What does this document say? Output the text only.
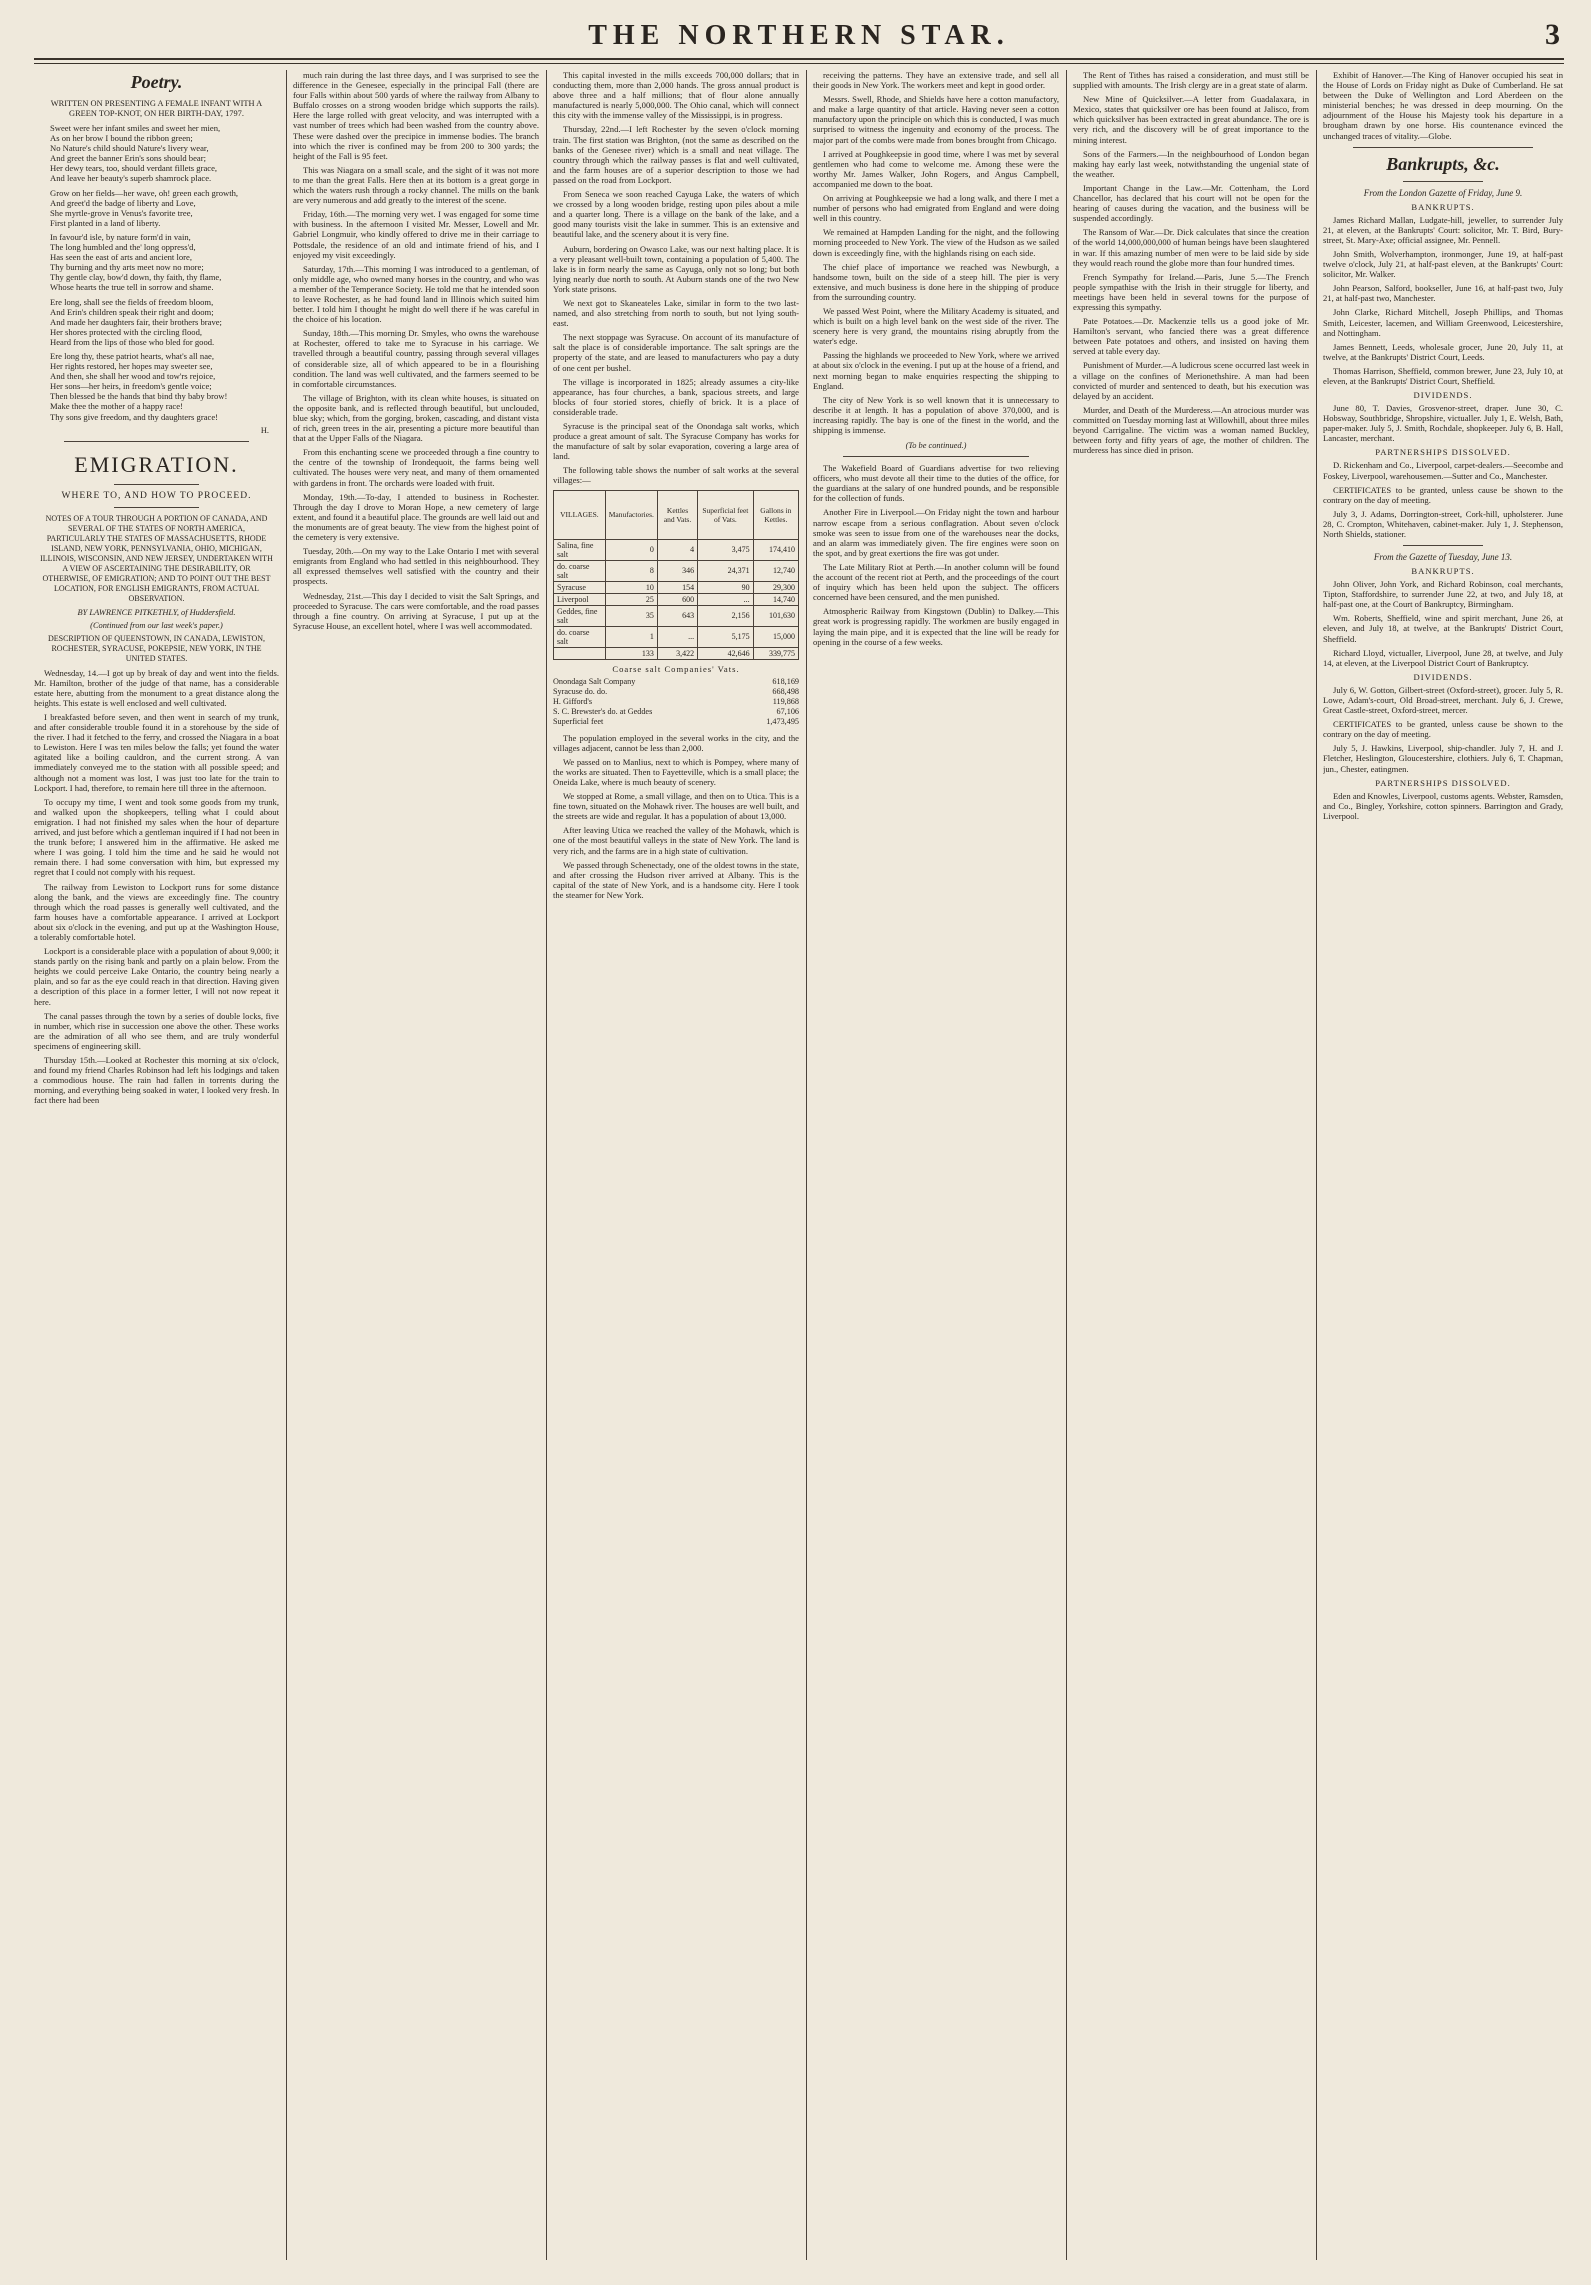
THE NORTHERN STAR.	3
Poetry.
WRITTEN ON PRESENTING A FEMALE INFANT WITH A GREEN TOP-KNOT, ON HER BIRTH-DAY, 1797.

Sweet were her infant smiles and sweet her mien,

As on her brow I bound the ribbon green;

No Nature's child should Nature's livery wear,

And greet the banner Erin's sons should bear;

Her dewy tears, too, should verdant fillets grace,

And leave her beauty's superb shamrock place.

Grow on her fields—her wave, oh! green each growth,

And greet'd the badge of liberty and Love,

She myrtle-grove in Venus's favorite tree,

First planted in a land of liberty.

In favour'd isle, by nature form'd in vain,

The long humbled and the' long oppress'd,

Has seen the east of arts and ancient lore,

Thy burning and thy arts meet now no more;

Thy gentle clay, bow'd down, thy faith, thy flame,

Whose hearts the true tell in sorrow and shame.

Ere long, shall see the fields of freedom bloom,

And Erin's children speak their right and doom;

And made her daughters fair, their brothers brave;

Her shores protected with the circling flood,

Heard from the lips of those who bled for good.

Ere long thy, these patriot hearts, what's all nae,

Her rights restored, her hopes may sweeter see,

And then, she shall her wood and tow'rs rejoice,

Her sons—her heirs, in freedom's gentle voice;

Then blessed be the hands that bind thy baby brow!

Make thee the mother of a happy race!

Thy sons give freedom, and thy daughters grace!

H.
EMIGRATION.
WHERE TO, AND HOW TO PROCEED.
NOTES OF A TOUR THROUGH A PORTION OF CANADA, AND SEVERAL OF THE STATES OF NORTH AMERICA, PARTICULARLY THE STATES OF MASSACHUSETTS, RHODE ISLAND, NEW YORK, PENNSYLVANIA, OHIO, MICHIGAN, ILLINOIS, WISCONSIN, AND NEW JERSEY, UNDERTAKEN WITH A VIEW OF ASCERTAINING THE DESIRABILITY, OR OTHERWISE, OF EMIGRATION; AND TO POINT OUT THE BEST LOCATION, FOR ENGLISH EMIGRANTS, FROM ACTUAL OBSERVATION.
BY LAWRENCE PITKETHLY, of Huddersfield.
(Continued from our last week's paper.)
DESCRIPTION OF QUEENSTOWN, IN CANADA, LEWISTON, ROCHESTER, SYRACUSE, POKEPSIE, NEW YORK, IN THE UNITED STATES.

Wednesday, 14.—I got up by break of day and went into the fields. Mr. Hamilton, brother of the judge of that name, has a considerable estate here, abutting from the monument to a great distance along the heights. This estate is well enclosed and well cultivated.

I breakfasted before seven, and then went in search of my trunk, and after considerable trouble found it in a storehouse by the side of the river. I had it fetched to the ferry, and crossed the Niagara in a boat to Lewiston. Here I was ten miles below the falls; yet found the water agitated like a boiling cauldron, and the current strong. A van immediately conveyed me to the station with all possible speed; and although not a moment was lost, I was just too late for the train to Lockport. I had, therefore, to remain here till three in the afternoon.

To occupy my time, I went and took some goods from my trunk, and walked upon the shopkeepers, telling what I could about emigration. I had not finished my sales when the hour of departure arrived, and just before which a gentleman inquired if I had not been in the trunk before; I answered him in the affirmative. He asked me where I was going. I told him the time and he said he would not remain there. I had some conversation with him, but expressed my regret that I could not comply with his request.

The railway from Lewiston to Lockport runs for some distance along the bank, and the views are exceedingly fine. The country through which the road passes is generally well cultivated, and the farm houses have a comfortable appearance. I arrived at Lockport about six o'clock in the evening, and put up at the Washington House, a tolerably comfortable hotel.

Lockport is a considerable place with a population of about 9,000; it stands partly on the rising bank and partly on a plain below. From the heights we could perceive Lake Ontario, the country being nearly a plain, and so far as the eye could reach in that direction. Having given a description of this place in a former letter, I will not now repeat it here.

The canal passes through the town by a series of double locks, five in number, which rise in succession one above the other. These works are the admiration of all who see them, and are truly wonderful specimens of engineering skill.

Thursday 15th.—Looked at Rochester this morning at six o'clock, and found my friend Charles Robinson had left his lodgings and taken a commodious house. The rain had fallen in torrents during the morning, and everything being soaked in water, I looked very fresh. In fact there had been

much rain during the last three days, and I was surprised to see the difference in the Genesee, especially in the principal Fall (there are four Falls within about 500 yards of where the railway from Albany to Buffalo crosses on a strong wooden bridge which supports the rails). Here the large rolled with great velocity, and was interrupted with a vast number of trees which had been washed from the country above. These were dashed over the precipice in immense bodies. The branch into which the river is confined may be from 200 to 300 yards; the height of the Fall is 95 feet.

This was Niagara on a small scale, and the sight of it was not more to me than the great Falls. Here then at its bottom is a great gorge in which the waters rush through a rocky channel. The mills on the bank are very numerous and add greatly to the interest of the scene.

Friday, 16th.—The morning very wet. I was engaged for some time with business. In the afternoon I visited Mr. Messer, Lowell and Mr. Gabriel Longmuir, who kindly offered to drive me in their carriage to Pottsdale, the residence of an old and intimate friend of his, and I enjoyed my visit exceedingly.

Saturday, 17th.—This morning I was introduced to a gentleman, of only middle age, who owned many horses in the country, and who was a member of the Temperance Society. He told me that he intended soon to leave Rochester, as he had found land in Illinois which suited him better. I told him I thought he might do well there if he was careful in the choice of his location.

Sunday, 18th.—This morning Dr. Smyles, who owns the warehouse at Rochester, offered to take me to Syracuse in his carriage. We travelled through a beautiful country, passing through several villages of considerable size, all of which appeared to be in a flourishing condition. The land was well cultivated, and the farmers seemed to be in comfortable circumstances.

The village of Brighton, with its clean white houses, is situated on the opposite bank, and is reflected through beautiful, but unclouded, blue sky; which, from the gorging, broken, cascading, and distant vista of rich, green trees in the air, presenting a picture more beautiful than that at the Upper Falls of the Niagara.

From this enchanting scene we proceeded through a fine country to the centre of the township of Irondequoit, the farms being well cultivated. The houses were very neat, and many of them ornamented with gardens in front. The orchards were loaded with fruit.

Monday, 19th.—To-day, I attended to business in Rochester. Through the day I drove to Moran Hope, a new cemetery of large extent, and found it a beautiful place. The grounds are well laid out and the monuments are of great beauty. The view from the highest point of the cemetery is very extensive.

Tuesday, 20th.—On my way to the Lake Ontario I met with several emigrants from England who had settled in this neighbourhood. They all expressed themselves well satisfied with the country and their prospects.

Wednesday, 21st.—This day I decided to visit the Salt Springs, and proceeded to Syracuse. The cars were comfortable, and the road passes through a fine country. On arriving at Syracuse, I put up at the Syracuse House, an excellent hotel, where I was well accommodated.

This capital invested in the mills exceeds 700,000 dollars; that in conducting them, more than 2,000 hands. The gross annual product is above three and a half millions; that of flour alone annually manufactured is nearly 5,000,000. The Ohio canal, which will connect this city with the immense valley of the Mississippi, is in progress.

Thursday, 22nd.—I left Rochester by the seven o'clock morning train. The first station was Brighton, (not the same as described on the banks of the Genesee river) which is a small and neat village. The country through which the railway passes is flat and well cultivated, and the farm houses are of a superior description to those we had passed on the road from Lockport.

From Seneca we soon reached Cayuga Lake, the waters of which we crossed by a long wooden bridge, resting upon piles about a mile and a quarter long. There is a village on the bank of the lake, and a good many tourists visit the lake in summer. This is an extensive and beautiful lake, and the scenery about it is very fine.

Auburn, bordering on Owasco Lake, was our next halting place. It is a very pleasant well-built town, containing a population of 5,400. The lake is in form nearly the same as Cayuga, only not so long; but both lying nearly due north to south. At Auburn stands one of the two New York state prisons.

We next got to Skaneateles Lake, similar in form to the two last-named, and also stretching from north to south, but not lying south-east.

The next stoppage was Syracuse. On account of its manufacture of salt the place is of considerable importance. The salt springs are the property of the state, and are leased to manufacturers who pay a duty of one cent per bushel.

The village is incorporated in 1825; already assumes a city-like appearance, has four churches, a bank, spacious streets, and large blocks of four storied stores, chiefly of brick. It is a place of considerable trade.

Syracuse is the principal seat of the Onondaga salt works, which produce a great amount of salt. The Syracuse Company has works for the manufacture of salt by solar evaporation, covering a large area of land.

The following table shows the number of salt works at the several villages:—

VILLAGES.	Manufactories.	Kettles and Vats.	Superficial feet of Vats.	Gallons in Kettles.
Salina, fine salt	0	4	3,475	174,410
do. coarse salt	8	346	24,371	12,740
Syracuse	10	154	90	29,300
Liverpool	25	600	...	14,740
Geddes, fine salt	35	643	2,156	101,630
do. coarse salt	1	...	5,175	15,000
	133	3,422	42,646	339,775
Coarse salt Companies' Vats.
Onondaga Salt Company	618,169
Syracuse do. do.	668,498
H. Gifford's	119,868
S. C. Brewster's do. at Geddes	67,106
Superficial feet	1,473,495

The population employed in the several works in the city, and the villages adjacent, cannot be less than 2,000.

We passed on to Manlius, next to which is Pompey, where many of the works are situated. Then to Fayetteville, which is a small place; the Oneida Lake, where is much beauty of scenery.

We stopped at Rome, a small village, and then on to Utica. This is a fine town, situated on the Mohawk river. The houses are well built, and the streets are wide and regular. It has a population of about 13,000.

After leaving Utica we reached the valley of the Mohawk, which is one of the most beautiful valleys in the state of New York. The land is very rich, and the farms are in a high state of cultivation.

We passed through Schenectady, one of the oldest towns in the state, and after crossing the Hudson river arrived at Albany. This is the capital of the state of New York, and is a handsome city. Here I took the steamer for New York.

receiving the patterns. They have an extensive trade, and sell all their goods in New York. The workers meet and kept in good order.

Messrs. Swell, Rhode, and Shields have here a cotton manufactory, and make a large quantity of that article. Having never seen a cotton manufactory upon the principle on which this is conducted, I was much surprised to witness the ingenuity and economy of the process. The major part of the combs were made from bones brought from Chicago.

I arrived at Poughkeepsie in good time, where I was met by several gentlemen who had come to welcome me. Among these were the worthy Mr. James Walker, John Rogers, and Angus Campbell, accompanied me down to the boat.

On arriving at Poughkeepsie we had a long walk, and there I met a number of persons who had emigrated from England and were doing well in this country.

We remained at Hampden Landing for the night, and the following morning proceeded to New York. The view of the Hudson as we sailed down is exceedingly fine, with the highlands rising on each side.

The chief place of importance we reached was Newburgh, a handsome town, built on the side of a steep hill. The pier is very extensive, and much business is done here in the shipping of produce from the surrounding country.

We passed West Point, where the Military Academy is situated, and which is built on a high level bank on the west side of the river. The scenery here is very grand, the mountains rising abruptly from the water's edge.

Passing the highlands we proceeded to New York, where we arrived at about six o'clock in the evening. I put up at the house of a friend, and next morning began to make enquiries respecting the shipping to England.

The city of New York is so well known that it is unnecessary to describe it at length. It has a population of above 370,000, and is increasing rapidly. The bay is one of the finest in the world, and the shipping is immense.

(To be continued.)

The Wakefield Board of Guardians advertise for two relieving officers, who must devote all their time to the duties of the office, for the guardians at the salary of one hundred pounds, and be responsible for the collection of funds.

Another Fire in Liverpool.—On Friday night the town and harbour narrow escape from a serious conflagration. About seven o'clock smoke was seen to issue from one of the warehouses near the docks, and an alarm was immediately given. The fire engines were soon on the spot, and by great exertions the fire was got under.

The Late Military Riot at Perth.—In another column will be found the account of the recent riot at Perth, and the proceedings of the court of inquiry which has been held upon the subject. The officers concerned have been censured, and the men punished.

Atmospheric Railway from Kingstown (Dublin) to Dalkey.—This great work is progressing rapidly. The workmen are busily engaged in laying the main pipe, and it is expected that the line will be ready for opening in the course of a few weeks.

The Rent of Tithes has raised a consideration, and must still be supplied with amounts. The Irish clergy are in a great state of alarm.

New Mine of Quicksilver.—A letter from Guadalaxara, in Mexico, states that quicksilver ore has been found at Jalisco, from which quicksilver has been extracted in great abundance. The ore is very rich, and the discovery will be of great importance to the mining interest.

Sons of the Farmers.—In the neighbourhood of London began making hay early last week, notwithstanding the ungenial state of the weather.

Important Change in the Law.—Mr. Cottenham, the Lord Chancellor, has declared that his court will not be open for the hearing of causes during the vacation, and the business will be suspended accordingly.

The Ransom of War.—Dr. Dick calculates that since the creation of the world 14,000,000,000 of human beings have been slaughtered in war. If this amazing number of men were to be laid side by side they would reach round the globe more than four hundred times.

French Sympathy for Ireland.—Paris, June 5.—The French people sympathise with the Irish in their struggle for liberty, and meetings have been held in several towns for the purpose of expressing this sympathy.

Pate Potatoes.—Dr. Mackenzie tells us a good joke of Mr. Hamilton's servant, who fancied there was a great difference between Pate potatoes and others, and insisted on having them served at table every day.

Punishment of Murder.—A ludicrous scene occurred last week in a village on the confines of Merionethshire. A man had been convicted of murder and sentenced to death, but his execution was delayed by an accident.

Murder, and Death of the Murderess.—An atrocious murder was committed on Tuesday morning last at Willowhill, about three miles beyond Carrigaline. The victim was a woman named Buckley, between forty and fifty years of age, the mother of children. The murderess has since died in prison.

Exhibit of Hanover.—The King of Hanover occupied his seat in the House of Lords on Friday night as Duke of Cumberland. He sat between the Duke of Wellington and Lord Aberdeen on the ministerial benches; he was dressed in deep mourning. On the adjournment of the House his Majesty took his departure in a brougham drawn by one horse. His countenance evinced the unchanged traces of vitality.—Globe.

Bankrupts, &c.
From the London Gazette of Friday, June 9.
BANKRUPTS.

James Richard Mallan, Ludgate-hill, jeweller, to surrender July 21, at eleven, at the Bankrupts' Court: solicitor, Mr. T. Bird, Bury-street, St. Mary-Axe; official assignee, Mr. Pennell.

John Smith, Wolverhampton, ironmonger, June 19, at half-past twelve o'clock, July 21, at half-past eleven, at the Bankrupts' Court: solicitor, Mr. Walker.

John Pearson, Salford, bookseller, June 16, at half-past two, July 21, at half-past two, Manchester.

John Clarke, Richard Mitchell, Joseph Phillips, and Thomas Smith, Leicester, lacemen, and William Greenwood, Leicestershire, and Nottingham.

James Bennett, Leeds, wholesale grocer, June 20, July 11, at twelve, at the Bankrupts' District Court, Leeds.

Thomas Harrison, Sheffield, common brewer, June 23, July 10, at eleven, at the Bankrupts' District Court, Sheffield.

DIVIDENDS.

June 80, T. Davies, Grosvenor-street, draper. June 30, C. Hobsway, Southbridge, Shropshire, victualler. July 1, E. Welsh, Bath, paper-maker. July 5, J. Smith, Rochdale, shopkeeper. July 6, B. Hall, Lancaster, merchant.

PARTNERSHIPS DISSOLVED.

D. Rickenham and Co., Liverpool, carpet-dealers.—Seecombe and Foskey, Liverpool, warehousemen.—Sutter and Co., Manchester.

CERTIFICATES to be granted, unless cause be shown to the contrary on the day of meeting.

July 3, J. Adams, Dorrington-street, Cork-hill, upholsterer. June 28, C. Crompton, Whitehaven, cabinet-maker. July 1, J. Stephenson, North Shields, stationer.

From the Gazette of Tuesday, June 13.
BANKRUPTS.

John Oliver, John York, and Richard Robinson, coal merchants, Tipton, Staffordshire, to surrender June 22, at two, and July 18, at half-past one, at the Court of Bankruptcy, Birmingham.

Wm. Roberts, Sheffield, wine and spirit merchant, June 26, at eleven, and July 18, at twelve, at the Bankrupts' District Court, Sheffield.

Richard Lloyd, victualler, Liverpool, June 28, at twelve, and July 14, at eleven, at the Liverpool District Court of Bankruptcy.

DIVIDENDS.

July 6, W. Gotton, Gilbert-street (Oxford-street), grocer. July 5, R. Lowe, Adam's-court, Old Broad-street, merchant. July 6, J. Crewe, Great Castle-street, Oxford-street, mercer.

CERTIFICATES to be granted, unless cause be shown to the contrary on the day of meeting.

July 5, J. Hawkins, Liverpool, ship-chandler. July 7, H. and J. Fletcher, Heslington, Gloucestershire, clothiers. July 6, T. Chapman, jun., Chester, eatingmen.

PARTNERSHIPS DISSOLVED.

Eden and Knowles, Liverpool, customs agents. Webster, Ramsden, and Co., Bingley, Yorkshire, cotton spinners. Barrington and Grady, Liverpool.
